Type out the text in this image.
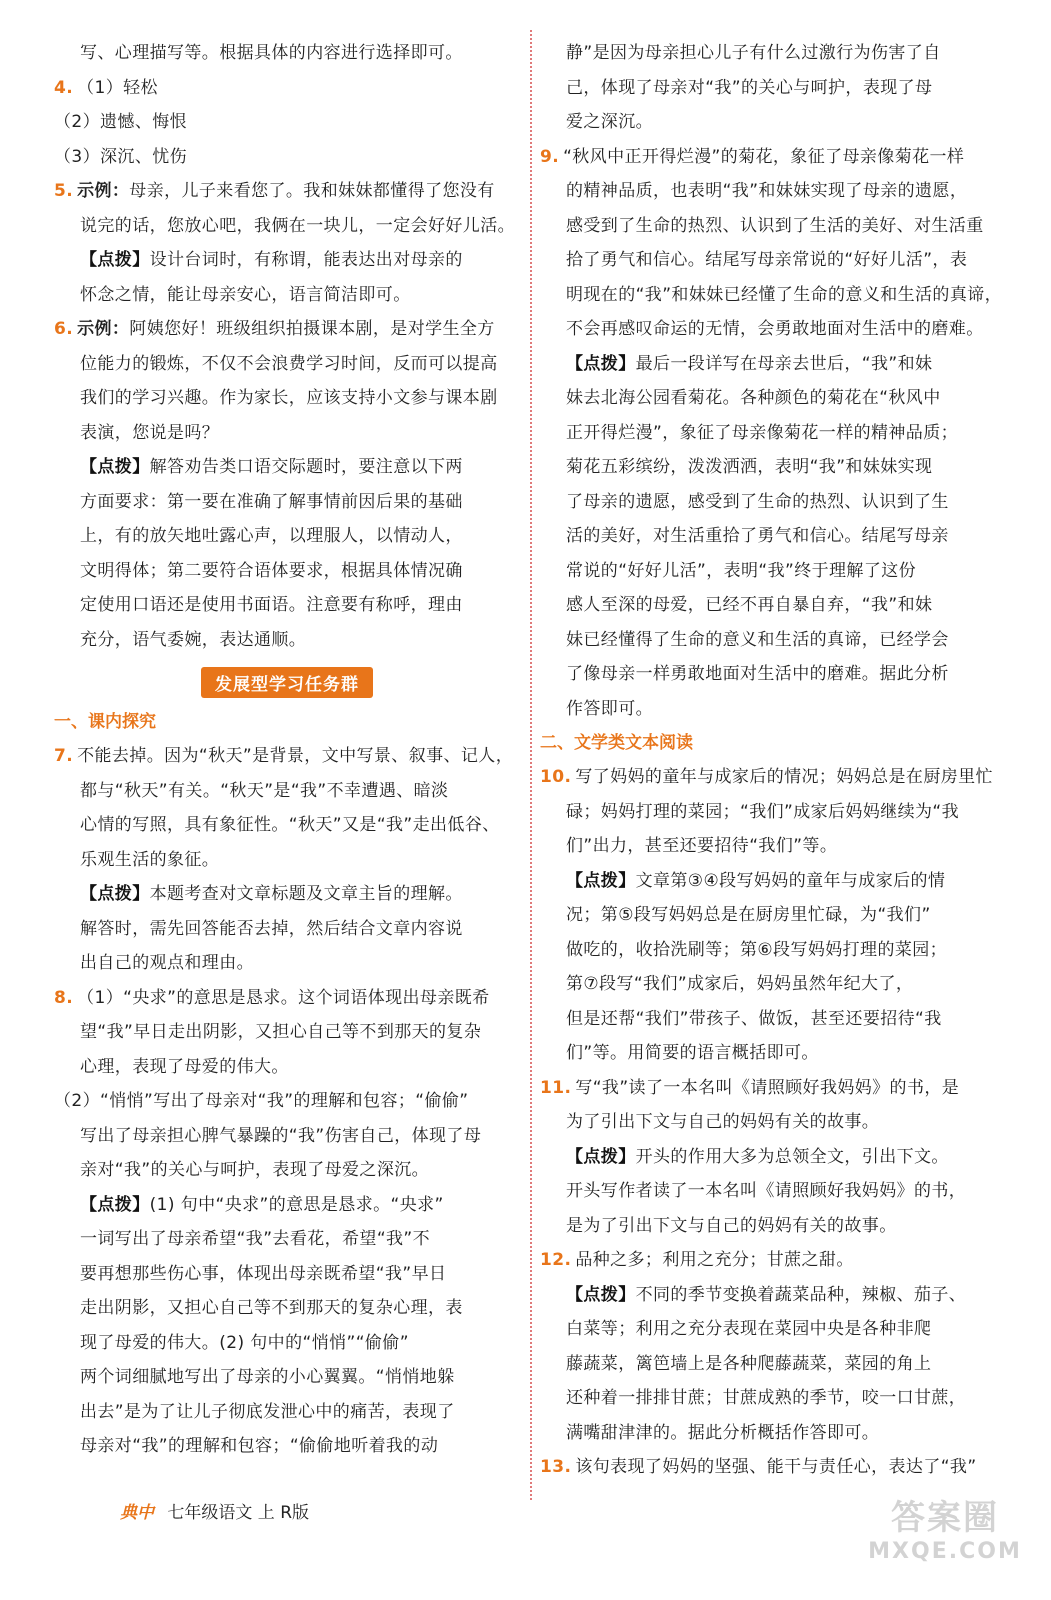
写、心理描写等。根据具体的内容进行选择即可。
4. （1）轻松
（2）遗憾、悔恨
（3）深沉、忧伤
5. 示例：母亲，儿子来看您了。我和妹妹都懂得了您没有
说完的话，您放心吧，我俩在一块儿，一定会好好儿活。
【点拨】设计台词时，有称谓，能表达出对母亲的
怀念之情，能让母亲安心，语言简洁即可。
6. 示例：阿姨您好！班级组织拍摄课本剧，是对学生全方
位能力的锻炼，不仅不会浪费学习时间，反而可以提高
我们的学习兴趣。作为家长，应该支持小文参与课本剧
表演，您说是吗？
【点拨】解答劝告类口语交际题时，要注意以下两
方面要求：第一要在准确了解事情前因后果的基础
上，有的放矢地吐露心声，以理服人，以情动人，
文明得体；第二要符合语体要求，根据具体情况确
定使用口语还是使用书面语。注意要有称呼，理由
充分，语气委婉，表达通顺。
发展型学习任务群
一、课内探究
7. 不能去掉。因为“秋天”是背景，文中写景、叙事、记人，
都与“秋天”有关。“秋天”是“我”不幸遭遇、暗淡
心情的写照，具有象征性。“秋天”又是“我”走出低谷、
乐观生活的象征。
【点拨】本题考查对文章标题及文章主旨的理解。
解答时，需先回答能否去掉，然后结合文章内容说
出自己的观点和理由。
8. （1）“央求”的意思是恳求。这个词语体现出母亲既希
望“我”早日走出阴影，又担心自己等不到那天的复杂
心理，表现了母爱的伟大。
（2）“悄悄”写出了母亲对“我”的理解和包容；“偷偷”
写出了母亲担心脾气暴躁的“我”伤害自己，体现了母
亲对“我”的关心与呵护，表现了母爱之深沉。
【点拨】(1) 句中“央求”的意思是恳求。“央求”
一词写出了母亲希望“我”去看花，希望“我”不
要再想那些伤心事，体现出母亲既希望“我”早日
走出阴影，又担心自己等不到那天的复杂心理，表
现了母爱的伟大。(2) 句中的“悄悄”“偷偷”
两个词细腻地写出了母亲的小心翼翼。“悄悄地躲
出去”是为了让儿子彻底发泄心中的痛苦，表现了
母亲对“我”的理解和包容；“偷偷地听着我的动
静”是因为母亲担心儿子有什么过激行为伤害了自
己，体现了母亲对“我”的关心与呵护，表现了母
爱之深沉。
9. “秋风中正开得烂漫”的菊花，象征了母亲像菊花一样
的精神品质，也表明“我”和妹妹实现了母亲的遗愿，
感受到了生命的热烈、认识到了生活的美好、对生活重
拾了勇气和信心。结尾写母亲常说的“好好儿活”，表
明现在的“我”和妹妹已经懂了生命的意义和生活的真谛，
不会再感叹命运的无情，会勇敢地面对生活中的磨难。
【点拨】最后一段详写在母亲去世后，“我”和妹
妹去北海公园看菊花。各种颜色的菊花在“秋风中
正开得烂漫”，象征了母亲像菊花一样的精神品质；
菊花五彩缤纷，泼泼洒洒，表明“我”和妹妹实现
了母亲的遗愿，感受到了生命的热烈、认识到了生
活的美好，对生活重拾了勇气和信心。结尾写母亲
常说的“好好儿活”，表明“我”终于理解了这份
感人至深的母爱，已经不再自暴自弃，“我”和妹
妹已经懂得了生命的意义和生活的真谛，已经学会
了像母亲一样勇敢地面对生活中的磨难。据此分析
作答即可。
二、文学类文本阅读
10. 写了妈妈的童年与成家后的情况；妈妈总是在厨房里忙
碌；妈妈打理的菜园；“我们”成家后妈妈继续为“我
们”出力，甚至还要招待“我们”等。
【点拨】文章第③④段写妈妈的童年与成家后的情
况；第⑤段写妈妈总是在厨房里忙碌，为“我们”
做吃的，收拾洗刷等；第⑥段写妈妈打理的菜园；
第⑦段写“我们”成家后，妈妈虽然年纪大了，
但是还帮“我们”带孩子、做饭，甚至还要招待“我
们”等。用简要的语言概括即可。
11. 写“我”读了一本名叫《请照顾好我妈妈》的书，是
为了引出下文与自己的妈妈有关的故事。
【点拨】开头的作用大多为总领全文，引出下文。
开头写作者读了一本名叫《请照顾好我妈妈》的书，
是为了引出下文与自己的妈妈有关的故事。
12. 品种之多；利用之充分；甘蔗之甜。
【点拨】不同的季节变换着蔬菜品种，辣椒、茄子、
白菜等；利用之充分表现在菜园中央是各种非爬
藤蔬菜，篱笆墙上是各种爬藤蔬菜，菜园的角上
还种着一排排甘蔗；甘蔗成熟的季节，咬一口甘蔗，
满嘴甜津津的。据此分析概括作答即可。
13. 该句表现了妈妈的坚强、能干与责任心，表达了“我”
典中 七年级语文 上 R版	答案圈
MXQE.COM
